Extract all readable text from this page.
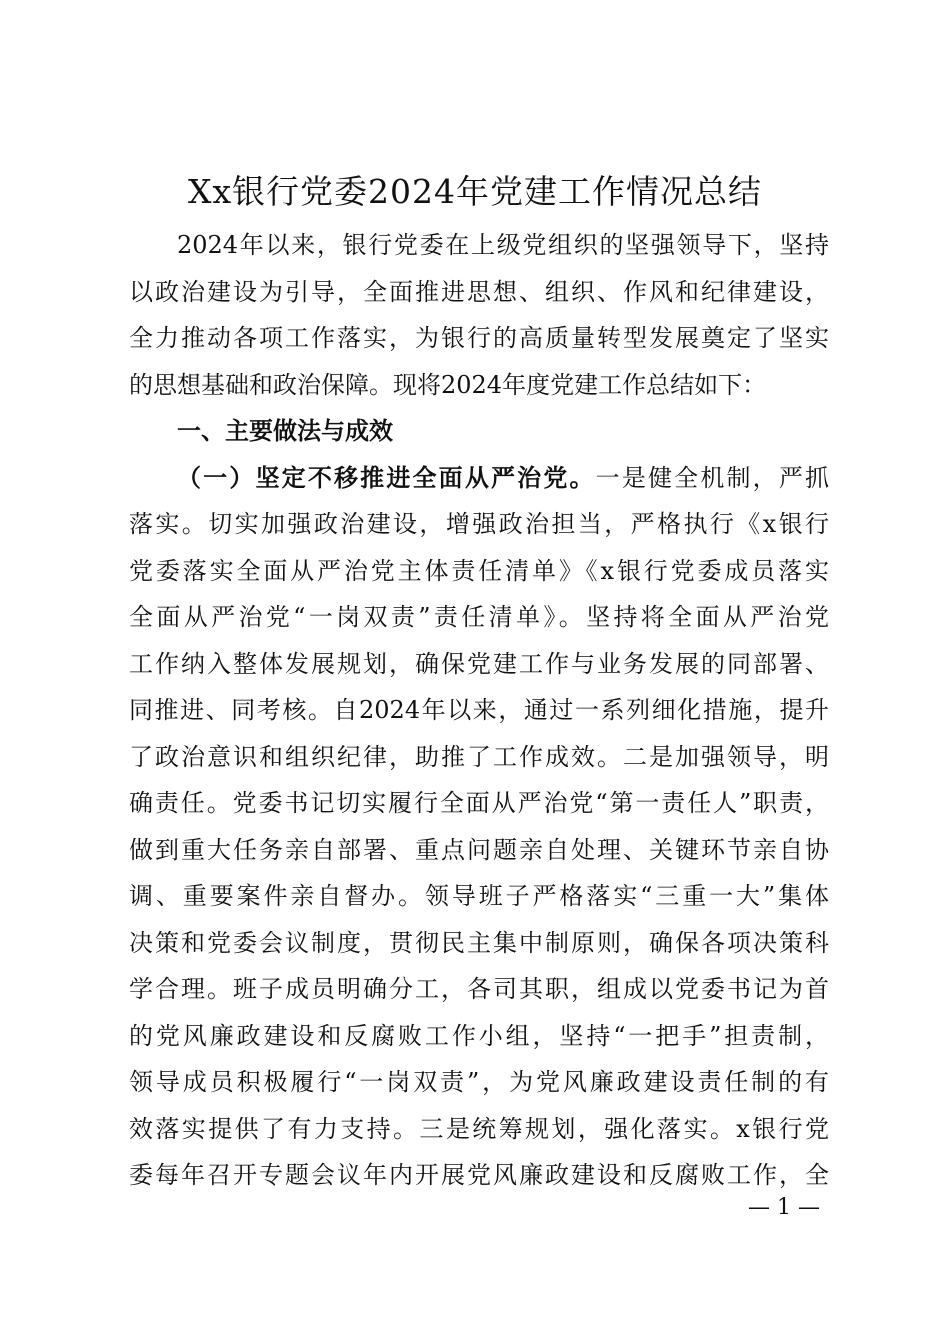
Xx银行党委2024年党建工作情况总结
2024年以来，银行党委在上级党组织的坚强领导下，坚持
以政治建设为引导，全面推进思想、组织、作风和纪律建设，
全力推动各项工作落实，为银行的高质量转型发展奠定了坚实
的思想基础和政治保障。现将2024年度党建工作总结如下：
一、主要做法与成效
（一）坚定不移推进全面从严治党。一是健全机制，严抓
落实。切实加强政治建设，增强政治担当，严格执行《x银行
党委落实全面从严治党主体责任清单》《x银行党委成员落实
全面从严治党“一岗双责”责任清单》。坚持将全面从严治党
工作纳入整体发展规划，确保党建工作与业务发展的同部署、
同推进、同考核。自2024年以来，通过一系列细化措施，提升
了政治意识和组织纪律，助推了工作成效。二是加强领导，明
确责任。党委书记切实履行全面从严治党“第一责任人”职责，
做到重大任务亲自部署、重点问题亲自处理、关键环节亲自协
调、重要案件亲自督办。领导班子严格落实“三重一大”集体
决策和党委会议制度，贯彻民主集中制原则，确保各项决策科
学合理。班子成员明确分工，各司其职，组成以党委书记为首
的党风廉政建设和反腐败工作小组，坚持“一把手”担责制，
领导成员积极履行“一岗双责”，为党风廉政建设责任制的有
效落实提供了有力支持。三是统筹规划，强化落实。x银行党
委每年召开专题会议年内开展党风廉政建设和反腐败工作，全
— 1 —
